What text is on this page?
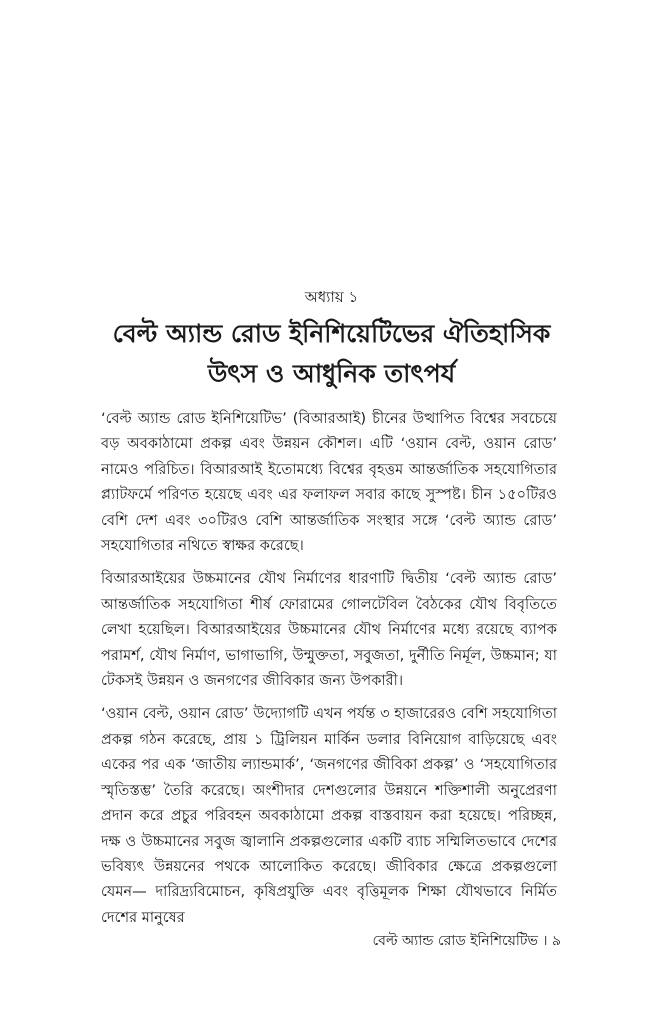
অধ্যায় ১
বেল্ট অ্যান্ড রোড ইনিশিয়েটিভের ঐতিহাসিক
উৎস ও আধুনিক তাৎপর্য

‘বেল্ট অ্যান্ড রোড ইনিশিয়েটিভ’ (বিআরআই) চীনের উত্থাপিত বিশ্বের সবচেয়ে বড় অবকাঠামো প্রকল্প এবং উন্নয়ন কৌশল। এটি ‘ওয়ান বেল্ট, ওয়ান রোড’ নামেও পরিচিত। বিআরআই ইতোমধ্যে বিশ্বের বৃহত্তম আন্তর্জাতিক সহযোগিতার প্ল্যাটফর্মে পরিণত হয়েছে এবং এর ফলাফল সবার কাছে সুস্পষ্ট। চীন ১৫০টিরও বেশি দেশ এবং ৩০টিরও বেশি আন্তর্জাতিক সংস্থার সঙ্গে ‘বেল্ট অ্যান্ড রোড’ সহযোগিতার নথিতে স্বাক্ষর করেছে।

বিআরআইয়ের উচ্চমানের যৌথ নির্মাণের ধারণাটি দ্বিতীয় ‘বেল্ট অ্যান্ড রোড’ আন্তর্জাতিক সহযোগিতা শীর্ষ ফোরামের গোলটেবিল বৈঠকের যৌথ বিবৃতিতে লেখা হয়েছিল। বিআরআইয়ের উচ্চমানের যৌথ নির্মাণের মধ্যে রয়েছে ব্যাপক পরামর্শ, যৌথ নির্মাণ, ভাগাভাগি, উন্মুক্ততা, সবুজতা, দুর্নীতি নির্মূল, উচ্চমান; যা টেকসই উন্নয়ন ও জনগণের জীবিকার জন্য উপকারী।

‘ওয়ান বেল্ট, ওয়ান রোড’ উদ্যোগটি এখন পর্যন্ত ৩ হাজারেরও বেশি সহযোগিতা প্রকল্প গঠন করেছে, প্রায় ১ ট্রিলিয়ন মার্কিন ডলার বিনিয়োগ বাড়িয়েছে এবং একের পর এক ‘জাতীয় ল্যান্ডমার্ক’, ‘জনগণের জীবিকা প্রকল্প’ ও ‘সহযোগিতার স্মৃতিস্তম্ভ’ তৈরি করেছে। অংশীদার দেশগুলোর উন্নয়নে শক্তিশালী অনুপ্রেরণা প্রদান করে প্রচুর পরিবহন অবকাঠামো প্রকল্প বাস্তবায়ন করা হয়েছে। পরিচ্ছন্ন, দক্ষ ও উচ্চমানের সবুজ জ্বালানি প্রকল্পগুলোর একটি ব্যাচ সম্মিলিতভাবে দেশের ভবিষ্যৎ উন্নয়নের পথকে আলোকিত করেছে। জীবিকার ক্ষেত্রে প্রকল্পগুলো যেমন— দারিদ্র্যবিমোচন, কৃষিপ্রযুক্তি এবং বৃত্তিমূলক শিক্ষা যৌথভাবে নির্মিত দেশের মানুষের

বেল্ট অ্যান্ড রোড ইনিশিয়েটিভ । ৯
